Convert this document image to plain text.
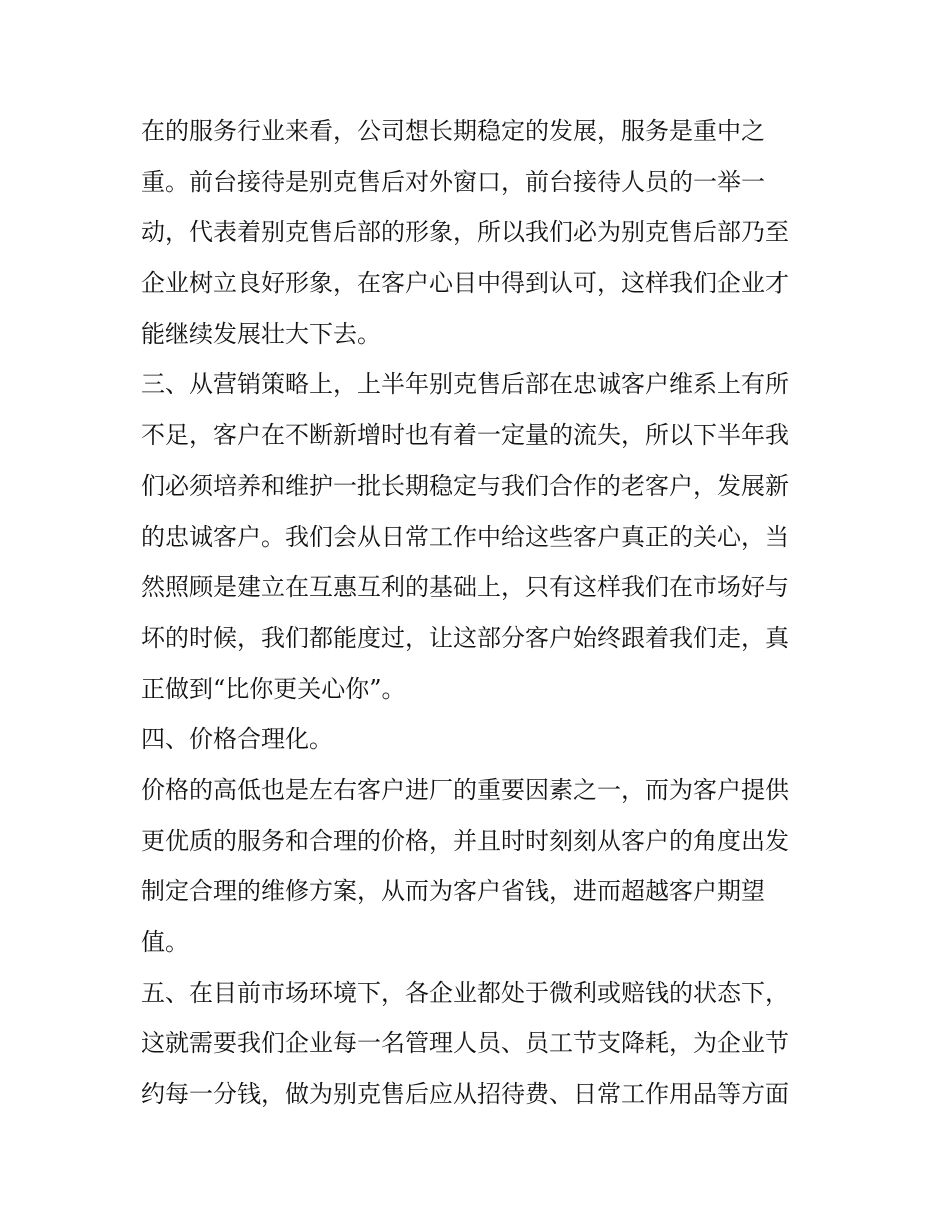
在的服务行业来看，公司想长期稳定的发展，服务是重中之

重。前台接待是别克售后对外窗口，前台接待人员的一举一

动，代表着别克售后部的形象，所以我们必为别克售后部乃至

企业树立良好形象，在客户心目中得到认可，这样我们企业才

能继续发展壮大下去。

三、从营销策略上，上半年别克售后部在忠诚客户维系上有所

不足，客户在不断新增时也有着一定量的流失，所以下半年我

们必须培养和维护一批长期稳定与我们合作的老客户，发展新

的忠诚客户。我们会从日常工作中给这些客户真正的关心，当

然照顾是建立在互惠互利的基础上，只有这样我们在市场好与

坏的时候，我们都能度过，让这部分客户始终跟着我们走，真

正做到“比你更关心你”。

四、价格合理化。

价格的高低也是左右客户进厂的重要因素之一，而为客户提供

更优质的服务和合理的价格，并且时时刻刻从客户的角度出发

制定合理的维修方案，从而为客户省钱，进而超越客户期望

值。

五、在目前市场环境下，各企业都处于微利或赔钱的状态下，

这就需要我们企业每一名管理人员、员工节支降耗，为企业节

约每一分钱，做为别克售后应从招待费、日常工作用品等方面
